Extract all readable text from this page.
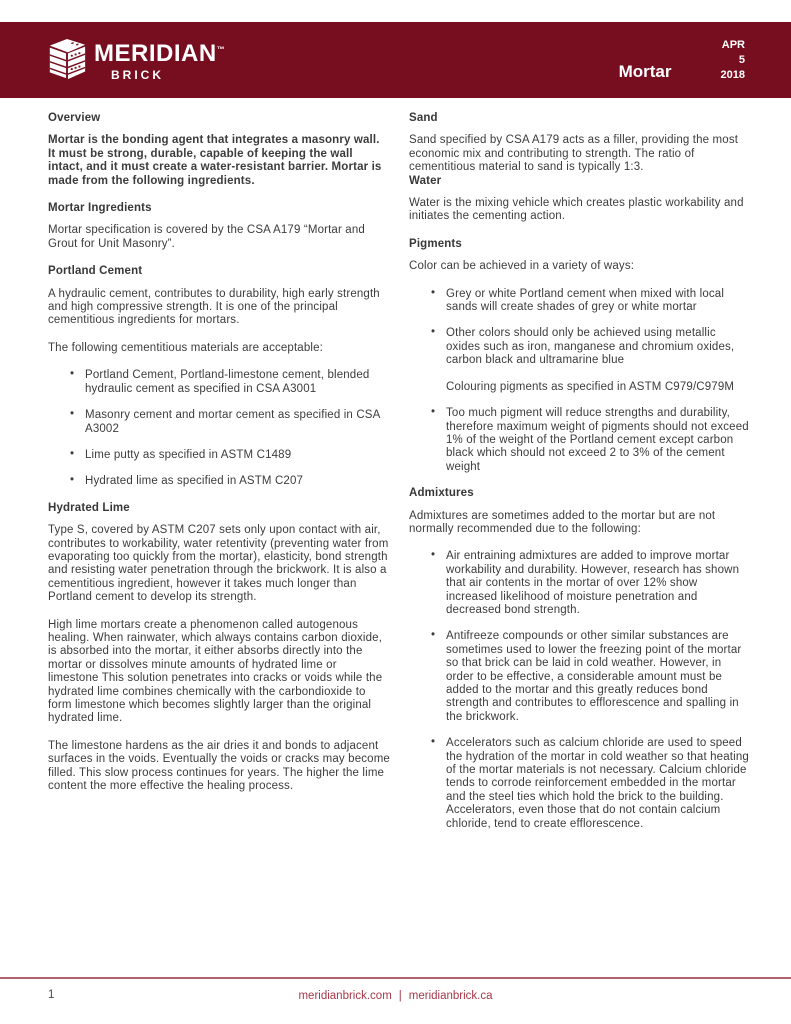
MERIDIAN™
BRICK	Mortar
APR
5
2018
Overview

Mortar is the bonding agent that integrates a masonry wall. It must be strong, durable, capable of keeping the wall intact, and it must create a water-resistant barrier. Mortar is made from the following ingredients.

Mortar Ingredients

Mortar specification is covered by the CSA A179 “Mortar and Grout for Unit Masonry”.

Portland Cement

A hydraulic cement, contributes to durability, high early strength and high compressive strength. It is one of the principal cementitious ingredients for mortars.

The following cementitious materials are acceptable:

• Portland Cement, Portland-limestone cement, blended hydraulic cement as specified in CSA A3001
• Masonry cement and mortar cement as specified in CSA A3002
• Lime putty as specified in ASTM C1489
• Hydrated lime as specified in ASTM C207
Hydrated Lime

Type S, covered by ASTM C207 sets only upon contact with air, contributes to workability, water retentivity (preventing water from evaporating too quickly from the mortar), elasticity, bond strength and resisting water penetration through the brickwork. It is also a cementitious ingredient, however it takes much longer than Portland cement to develop its strength.

High lime mortars create a phenomenon called autogenous healing. When rainwater, which always contains carbon dioxide, is absorbed into the mortar, it either absorbs directly into the mortar or dissolves minute amounts of hydrated lime or limestone This solution penetrates into cracks or voids while the hydrated lime combines chemically with the carbondioxide to form limestone which becomes slightly larger than the original hydrated lime.

The limestone hardens as the air dries it and bonds to adjacent surfaces in the voids. Eventually the voids or cracks may become filled. This slow process continues for years. The higher the lime content the more effective the healing process.

Sand

Sand specified by CSA A179 acts as a filler, providing the most economic mix and contributing to strength. The ratio of cementitious material to sand is typically 1:3.

Water

Water is the mixing vehicle which creates plastic workability and initiates the cementing action.

Pigments

Color can be achieved in a variety of ways:

• Grey or white Portland cement when mixed with local sands will create shades of grey or white mortar
• Other colors should only be achieved using metallic oxides such as iron, manganese and chromium oxides, carbon black and ultramarine blue
Colouring pigments as specified in ASTM C979/C979M
• Too much pigment will reduce strengths and durability, therefore maximum weight of pigments should not exceed 1% of the weight of the Portland cement except carbon black which should not exceed 2 to 3% of the cement weight
Admixtures

Admixtures are sometimes added to the mortar but are not normally recommended due to the following:

• Air entraining admixtures are added to improve mortar workability and durability. However, research has shown that air contents in the mortar of over 12% show increased likelihood of moisture penetration and decreased bond strength.
• Antifreeze compounds or other similar substances are sometimes used to lower the freezing point of the mortar so that brick can be laid in cold weather. However, in order to be effective, a considerable amount must be added to the mortar and this greatly reduces bond strength and contributes to efflorescence and spalling in the brickwork.
• Accelerators such as calcium chloride are used to speed the hydration of the mortar in cold weather so that heating of the mortar materials is not necessary. Calcium chloride tends to corrode reinforcement embedded in the mortar and the steel ties which hold the brick to the building. Accelerators, even those that do not contain calcium chloride, tend to create efflorescence.
1	meridianbrick.com | meridianbrick.ca
